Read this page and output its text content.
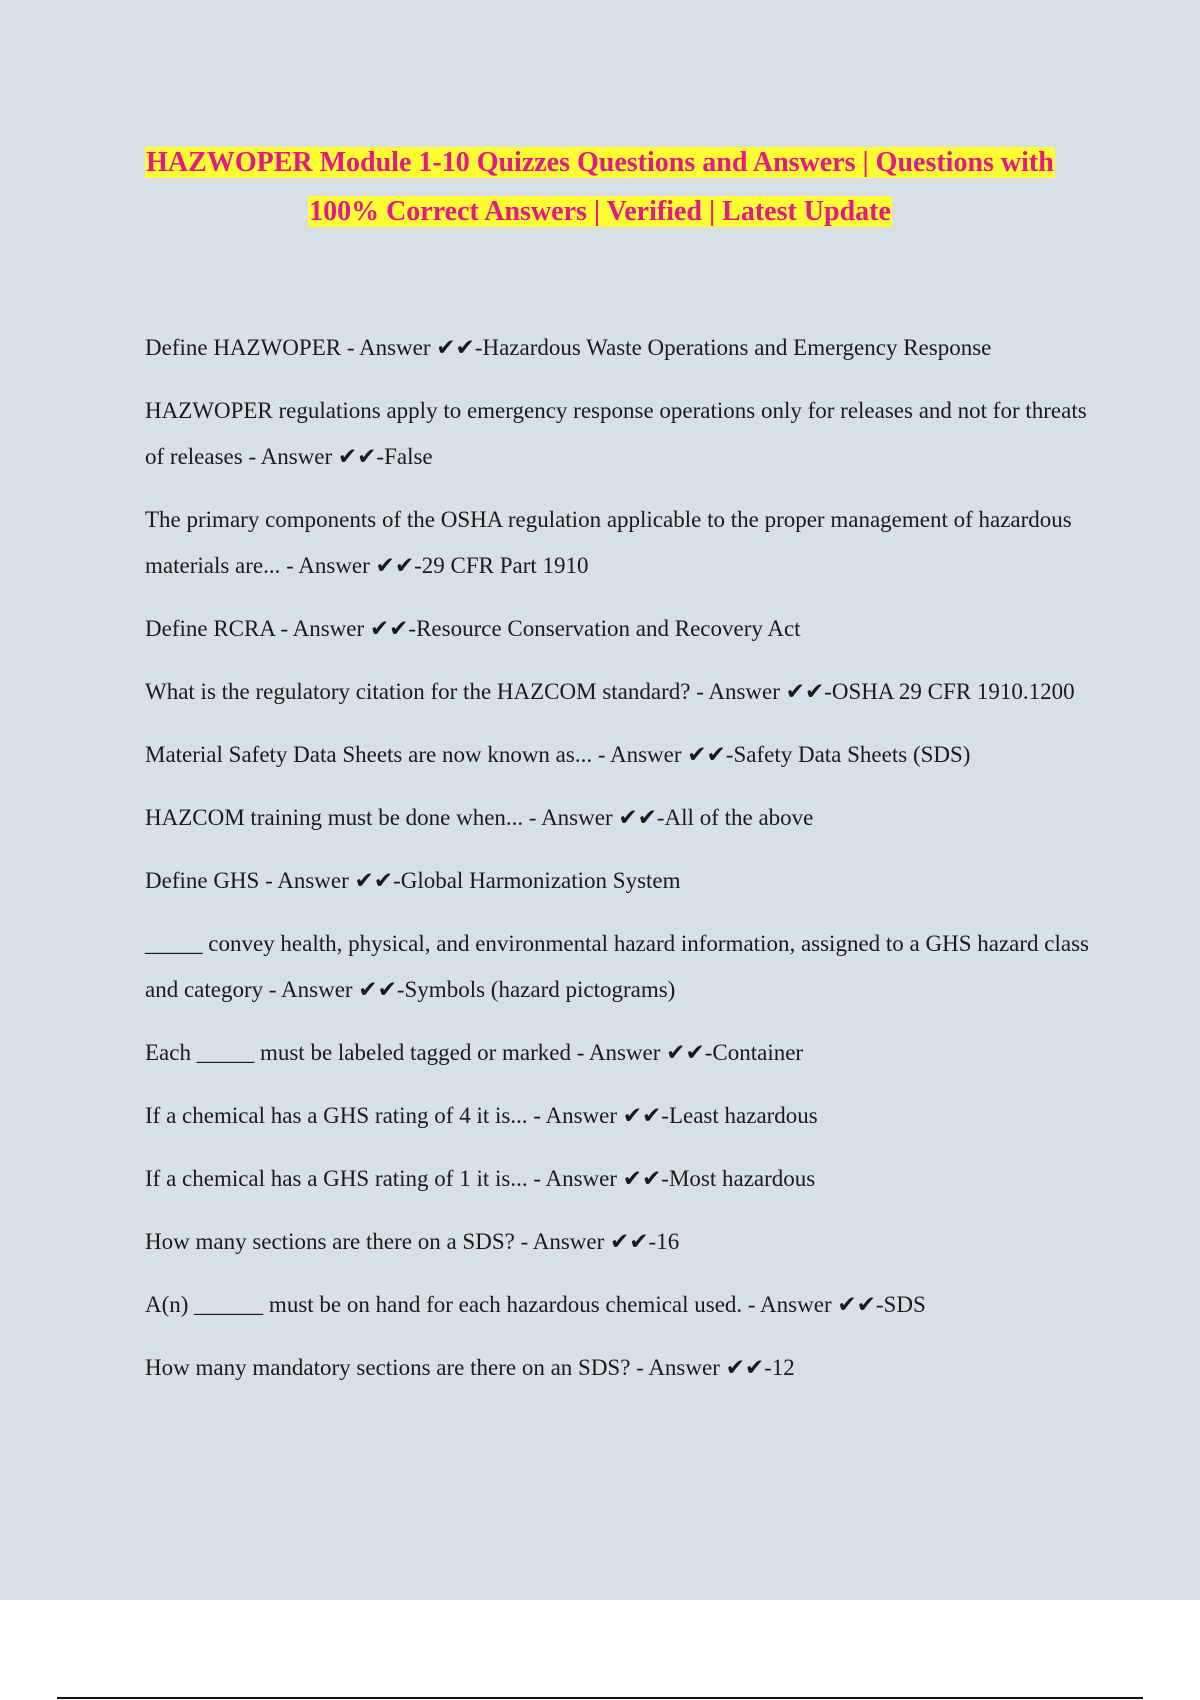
HAZWOPER Module 1-10 Quizzes Questions and Answers | Questions with
100% Correct Answers | Verified | Latest Update

Define HAZWOPER - Answer ✔✔-Hazardous Waste Operations and Emergency Response

HAZWOPER regulations apply to emergency response operations only for releases and not for threats of releases - Answer ✔✔-False

The primary components of the OSHA regulation applicable to the proper management of hazardous materials are... - Answer ✔✔-29 CFR Part 1910

Define RCRA - Answer ✔✔-Resource Conservation and Recovery Act

What is the regulatory citation for the HAZCOM standard? - Answer ✔✔-OSHA 29 CFR 1910.1200

Material Safety Data Sheets are now known as... - Answer ✔✔-Safety Data Sheets (SDS)

HAZCOM training must be done when... - Answer ✔✔-All of the above

Define GHS - Answer ✔✔-Global Harmonization System

_____ convey health, physical, and environmental hazard information, assigned to a GHS hazard class and category - Answer ✔✔-Symbols (hazard pictograms)

Each _____ must be labeled tagged or marked - Answer ✔✔-Container

If a chemical has a GHS rating of 4 it is... - Answer ✔✔-Least hazardous

If a chemical has a GHS rating of 1 it is... - Answer ✔✔-Most hazardous

How many sections are there on a SDS? - Answer ✔✔-16

A(n) ______ must be on hand for each hazardous chemical used. - Answer ✔✔-SDS

How many mandatory sections are there on an SDS? - Answer ✔✔-12
